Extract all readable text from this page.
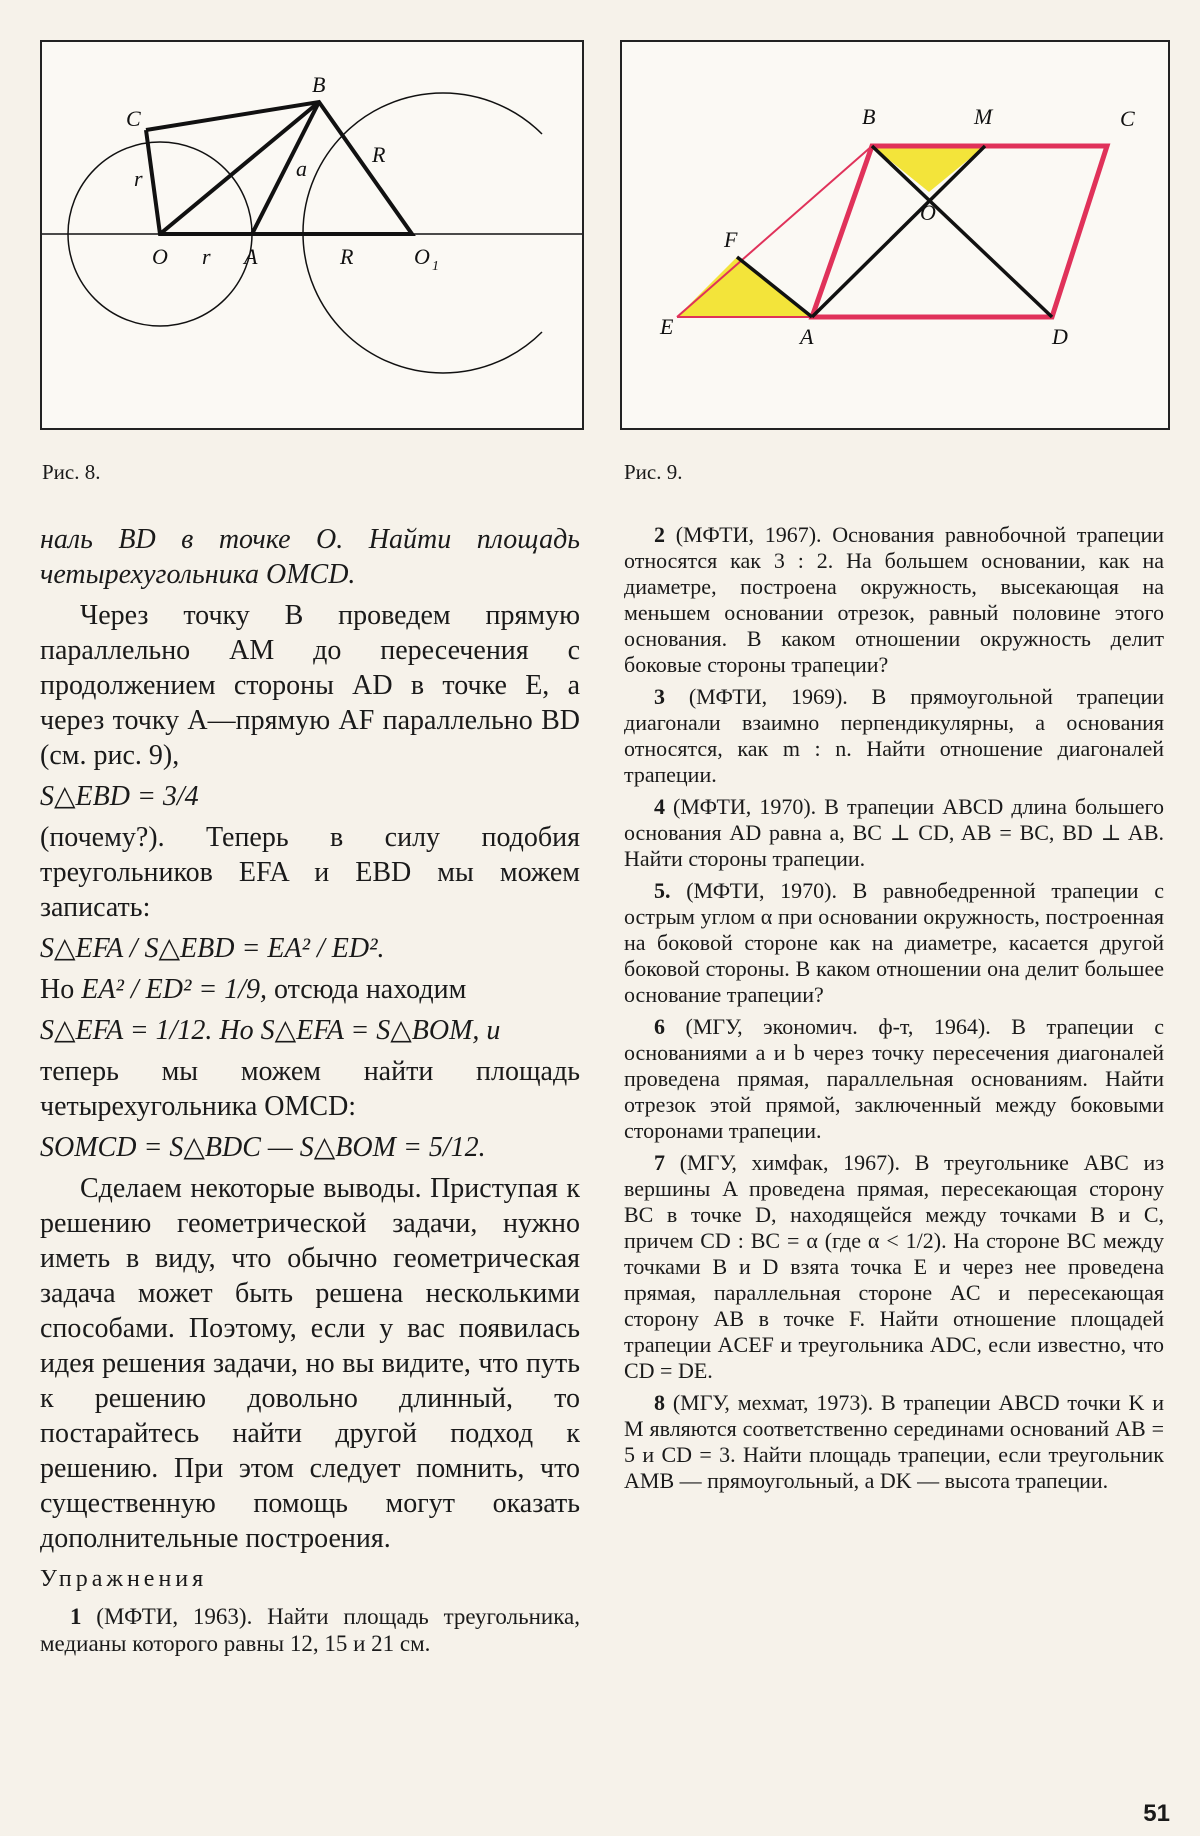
B
C
O	A	O 1
r
r	R
R
a
Рис. 8.
B	M	C
O
F
E	A	D
Рис. 9.

наль BD в точке O. Найти площадь четырехугольника OMCD.

Через точку B проведем прямую параллельно AM до пересечения с продолжением стороны AD в точке E, а через точку A—прямую AF параллельно BD (см. рис. 9),

S△EBD = 3/4

(почему?). Теперь в силу подобия треугольников EFA и EBD мы можем записать:

S△EFA / S△EBD = EA² / ED².

Но EA² / ED² = 1/9, отсюда находим

S△EFA = 1/12. Но S△EFA = S△BOM, и

теперь мы можем найти площадь четырехугольника OMCD:

SOMCD = S△BDC — S△BOM = 5/12.

Сделаем некоторые выводы. Приступая к решению геометрической задачи, нужно иметь в виду, что обычно геометрическая задача может быть решена несколькими способами. Поэтому, если у вас появилась идея решения задачи, но вы видите, что путь к решению довольно длинный, то постарайтесь найти другой подход к решению. При этом следует помнить, что существенную помощь могут оказать дополнительные построения.

Упражнения

1 (МФТИ, 1963). Найти площадь треугольника, медианы которого равны 12, 15 и 21 см.

2 (МФТИ, 1967). Основания равнобочной трапеции относятся как 3 : 2. На большем основании, как на диаметре, построена окружность, высекающая на меньшем основании отрезок, равный половине этого основания. В каком отношении окружность делит боковые стороны трапеции?

3 (МФТИ, 1969). В прямоугольной трапеции диагонали взаимно перпендикулярны, а основания относятся, как m : n. Найти отношение диагоналей трапеции.

4 (МФТИ, 1970). В трапеции ABCD длина большего основания AD равна a, BC ⊥ CD, AB = BC, BD ⊥ AB. Найти стороны трапеции.

5. (МФТИ, 1970). В равнобедренной трапеции с острым углом α при основании окружность, построенная на боковой стороне как на диаметре, касается другой боковой стороны. В каком отношении она делит большее основание трапеции?

6 (МГУ, экономич. ф-т, 1964). В трапеции с основаниями a и b через точку пересечения диагоналей проведена прямая, параллельная основаниям. Найти отрезок этой прямой, заключенный между боковыми сторонами трапеции.

7 (МГУ, химфак, 1967). В треугольнике ABC из вершины A проведена прямая, пересекающая сторону BC в точке D, находящейся между точками B и C, причем CD : BC = α (где α < 1/2). На стороне BC между точками B и D взята точка E и через нее проведена прямая, параллельная стороне AC и пересекающая сторону AB в точке F. Найти отношение площадей трапеции ACEF и треугольника ADC, если известно, что CD = DE.

8 (МГУ, мехмат, 1973). В трапеции ABCD точки K и M являются соответственно серединами оснований AB = 5 и CD = 3. Найти площадь трапеции, если треугольник AMB — прямоугольный, а DK — высота трапеции.

51
